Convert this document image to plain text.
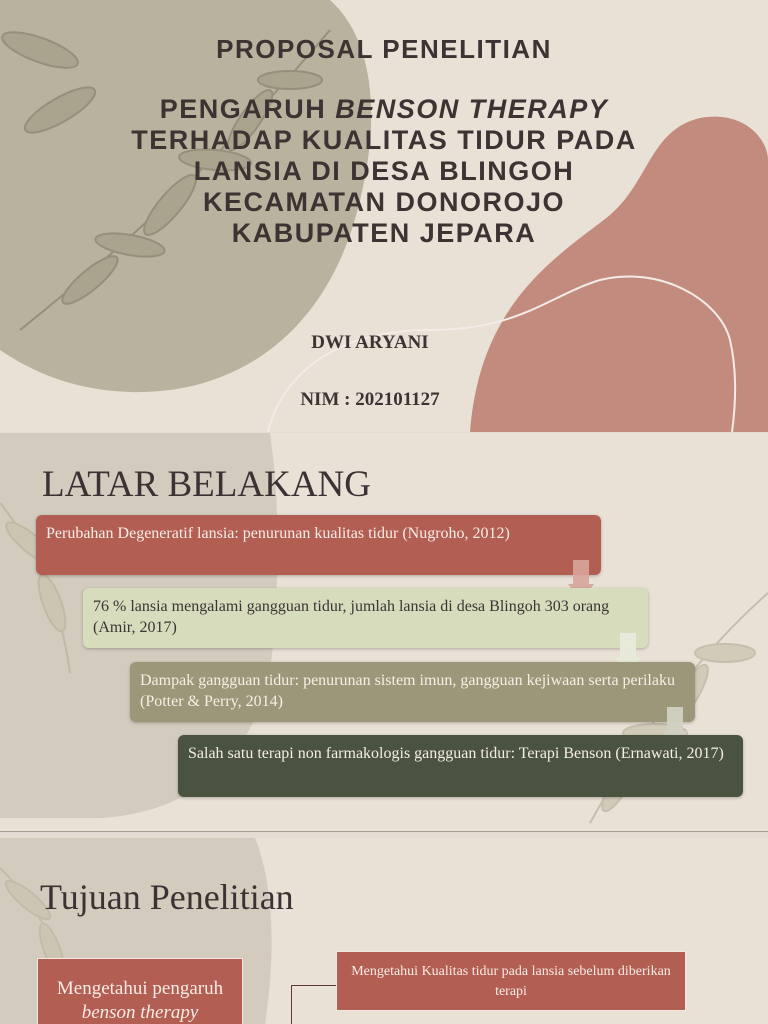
PROPOSAL PENELITIAN
PENGARUH BENSON THERAPY
TERHADAP KUALITAS TIDUR PADA
LANSIA DI DESA BLINGOH
KECAMATAN DONOROJO
KABUPATEN JEPARA
DWI ARYANI
NIM : 202101127
LATAR BELAKANG
Perubahan Degeneratif lansia: penurunan kualitas tidur (Nugroho, 2012)
76 % lansia mengalami gangguan tidur, jumlah lansia di desa Blingoh 303 orang (Amir, 2017)
Dampak gangguan tidur: penurunan sistem imun, gangguan kejiwaan serta perilaku (Potter & Perry, 2014)
Salah satu terapi non farmakologis gangguan tidur: Terapi Benson (Ernawati, 2017)
Tujuan Penelitian
Mengetahui pengaruh
benson therapy
Mengetahui Kualitas tidur pada lansia sebelum diberikan terapi
